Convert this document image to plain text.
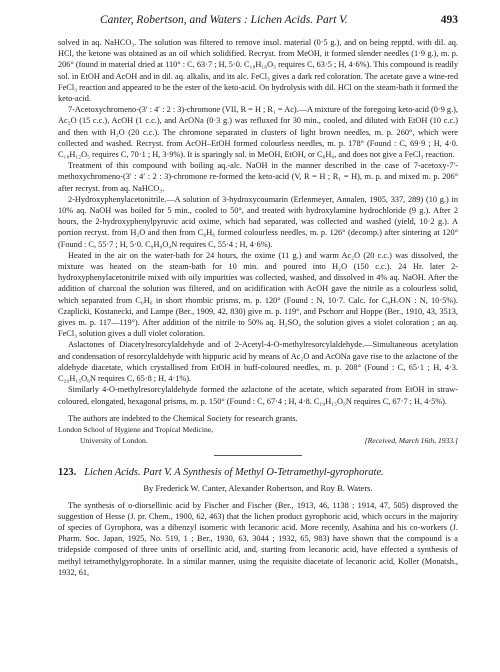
Canter, Robertson, and Waters : Lichen Acids. Part V.	493

solved in aq. NaHCO₃. The solution was filtered to remove insol. material (0·5 g.), and on being repptd. with dil. aq. HCl, the ketone was obtained as an oil which solidified. Recryst. from MeOH, it formed slender needles (1·9 g.), m. p. 206° (found in material dried at 110° : C, 63·7 ; H, 5·0. C₁₈H₁₆O₅ requires C, 63·5 ; H, 4·6%). This compound is readily sol. in EtOH and AcOH and in dil. aq. alkalis, and its alc. FeCl₃ gives a dark red coloration. The acetate gave a wine-red FeCl₃ reaction and appeared to be the ester of the keto-acid. On hydrolysis with dil. HCl on the steam-bath it formed the keto-acid.

7-Acetoxychromeno-(3′ : 4′ : 2 : 3)-chromone (VII, R = H ; R₁ = Ac).—A mixture of the foregoing keto-acid (0·9 g.), Ac₂O (15 c.c.), AcOH (1 c.c.), and AcONa (0·3 g.) was refluxed for 30 min., cooled, and diluted with EtOH (10 c.c.) and then with H₂O (20 c.c.). The chromone separated in clusters of light brown needles, m. p. 260°, which were collected and washed. Recryst. from AcOH–EtOH formed colourless needles, m. p. 178° (Found : C, 69·9 ; H, 4·0. C₁₈H₁₂O₅ requires C, 70·1 ; H, 3·9%). It is sparingly sol. in MeOH, EtOH, or C₆H₆, and does not give a FeCl₃ reaction.

Treatment of this compound with boiling aq.-alc. NaOH in the manner described in the case of 7-acetoxy-7′-methoxychromeno-(3′ : 4′ : 2 : 3)-chromone re-formed the keto-acid (V, R = H ; R₁ = H), m. p. and mixed m. p. 206° after recryst. from aq. NaHCO₃.

2-Hydroxyphenylacetonitrile.—A solution of 3-hydroxycoumarin (Erlenmeyer, Annalen, 1905, 337, 289) (10 g.) in 10% aq. NaOH was boiled for 5 min., cooled to 50°, and treated with hydroxylamine hydrochloride (9 g.). After 2 hours, the 2-hydroxyphenylpyruvic acid oxime, which had separated, was collected and washed (yield, 10·2 g.). A portion recryst. from H₂O and then from C₆H₆ formed colourless needles, m. p. 126° (decomp.) after sintering at 120° (Found : C, 55·7 ; H, 5·0. C₉H₉O₄N requires C, 55·4 ; H, 4·6%).

Heated in the air on the water-bath for 24 hours, the oxime (11 g.) and warm Ac₂O (20 c.c.) was dissolved, the mixture was heated on the steam-bath for 10 min. and poured into H₂O (150 c.c.). 24 Hr. later 2-hydroxyphenylacetonitrile mixed with oily impurities was collected, washed, and dissolved in 4% aq. NaOH. After the addition of charcoal the solution was filtered, and on acidification with AcOH gave the nitrile as a colourless solid, which separated from C₆H₆ in short rhombic prisms, m. p. 120° (Found : N, 10·7. Calc. for C₈H₇ON : N, 10·5%). Czaplicki, Kostanecki, and Lampe (Ber., 1909, 42, 830) give m. p. 119°, and Pschorr and Hoppe (Ber., 1910, 43, 3513, gives m. p. 117—119°). After addition of the nitrile to 50% aq. H₂SO₄ the solution gives a violet coloration ; an aq. FeCl₃ solution gives a dull violet coloration.

Aslactones of Diacetylresorcylaldehyde and of 2-Acetyl-4-O-methylresorcylaldehyde.—Simultaneous acetylation and condensation of resorcylaldehyde with hippuric acid by means of Ac₂O and AcONa gave rise to the azlactone of the aldehyde diacetate, which crystallised from EtOH in buff-coloured needles, m. p. 208° (Found : C, 65·1 ; H, 4·3. C₂₀H₁₅O₆N requires C, 65·8 ; H, 4·1%).

Similarly 4-O-methylresorcylaldehyde formed the azlactone of the acetate, which separated from EtOH in straw-coloured, elongated, hexagonal prisms, m. p. 150° (Found : C, 67·4 ; H, 4·8. C₁₉H₁₅O₅N requires C, 67·7 ; H, 4·5%).

The authors are indebted to the Chemical Society for research grants.

London School of Hygiene and Tropical Medicine,
University of London.	[Received, March 16th, 1933.]

123. Lichen Acids. Part V. A Synthesis of Methyl O-Tetramethyl-gyrophorate.

By Frederick W. Canter, Alexander Robertson, and Roy B. Waters.

The synthesis of o-diorsellinic acid by Fischer and Fischer (Ber., 1913, 46, 1138 ; 1914, 47, 505) disproved the suggestion of Hesse (J. pr. Chem., 1900, 62, 463) that the lichen product gyrophoric acid, which occurs in the majority of species of Gyrophora, was a dibenzyl isomeric with lecanoric acid. More recently, Asahina and his co-workers (J. Pharm. Soc. Japan, 1925, No. 519, 1 ; Ber., 1930, 63, 3044 ; 1932, 65, 983) have shown that the compound is a tridepside composed of three units of orsellinic acid, and, starting from lecanoric acid, have effected a synthesis of methyl tetramethylgyrophorate. In a similar manner, using the requisite diacetate of lecanoric acid, Koller (Monatsh., 1932, 61,
